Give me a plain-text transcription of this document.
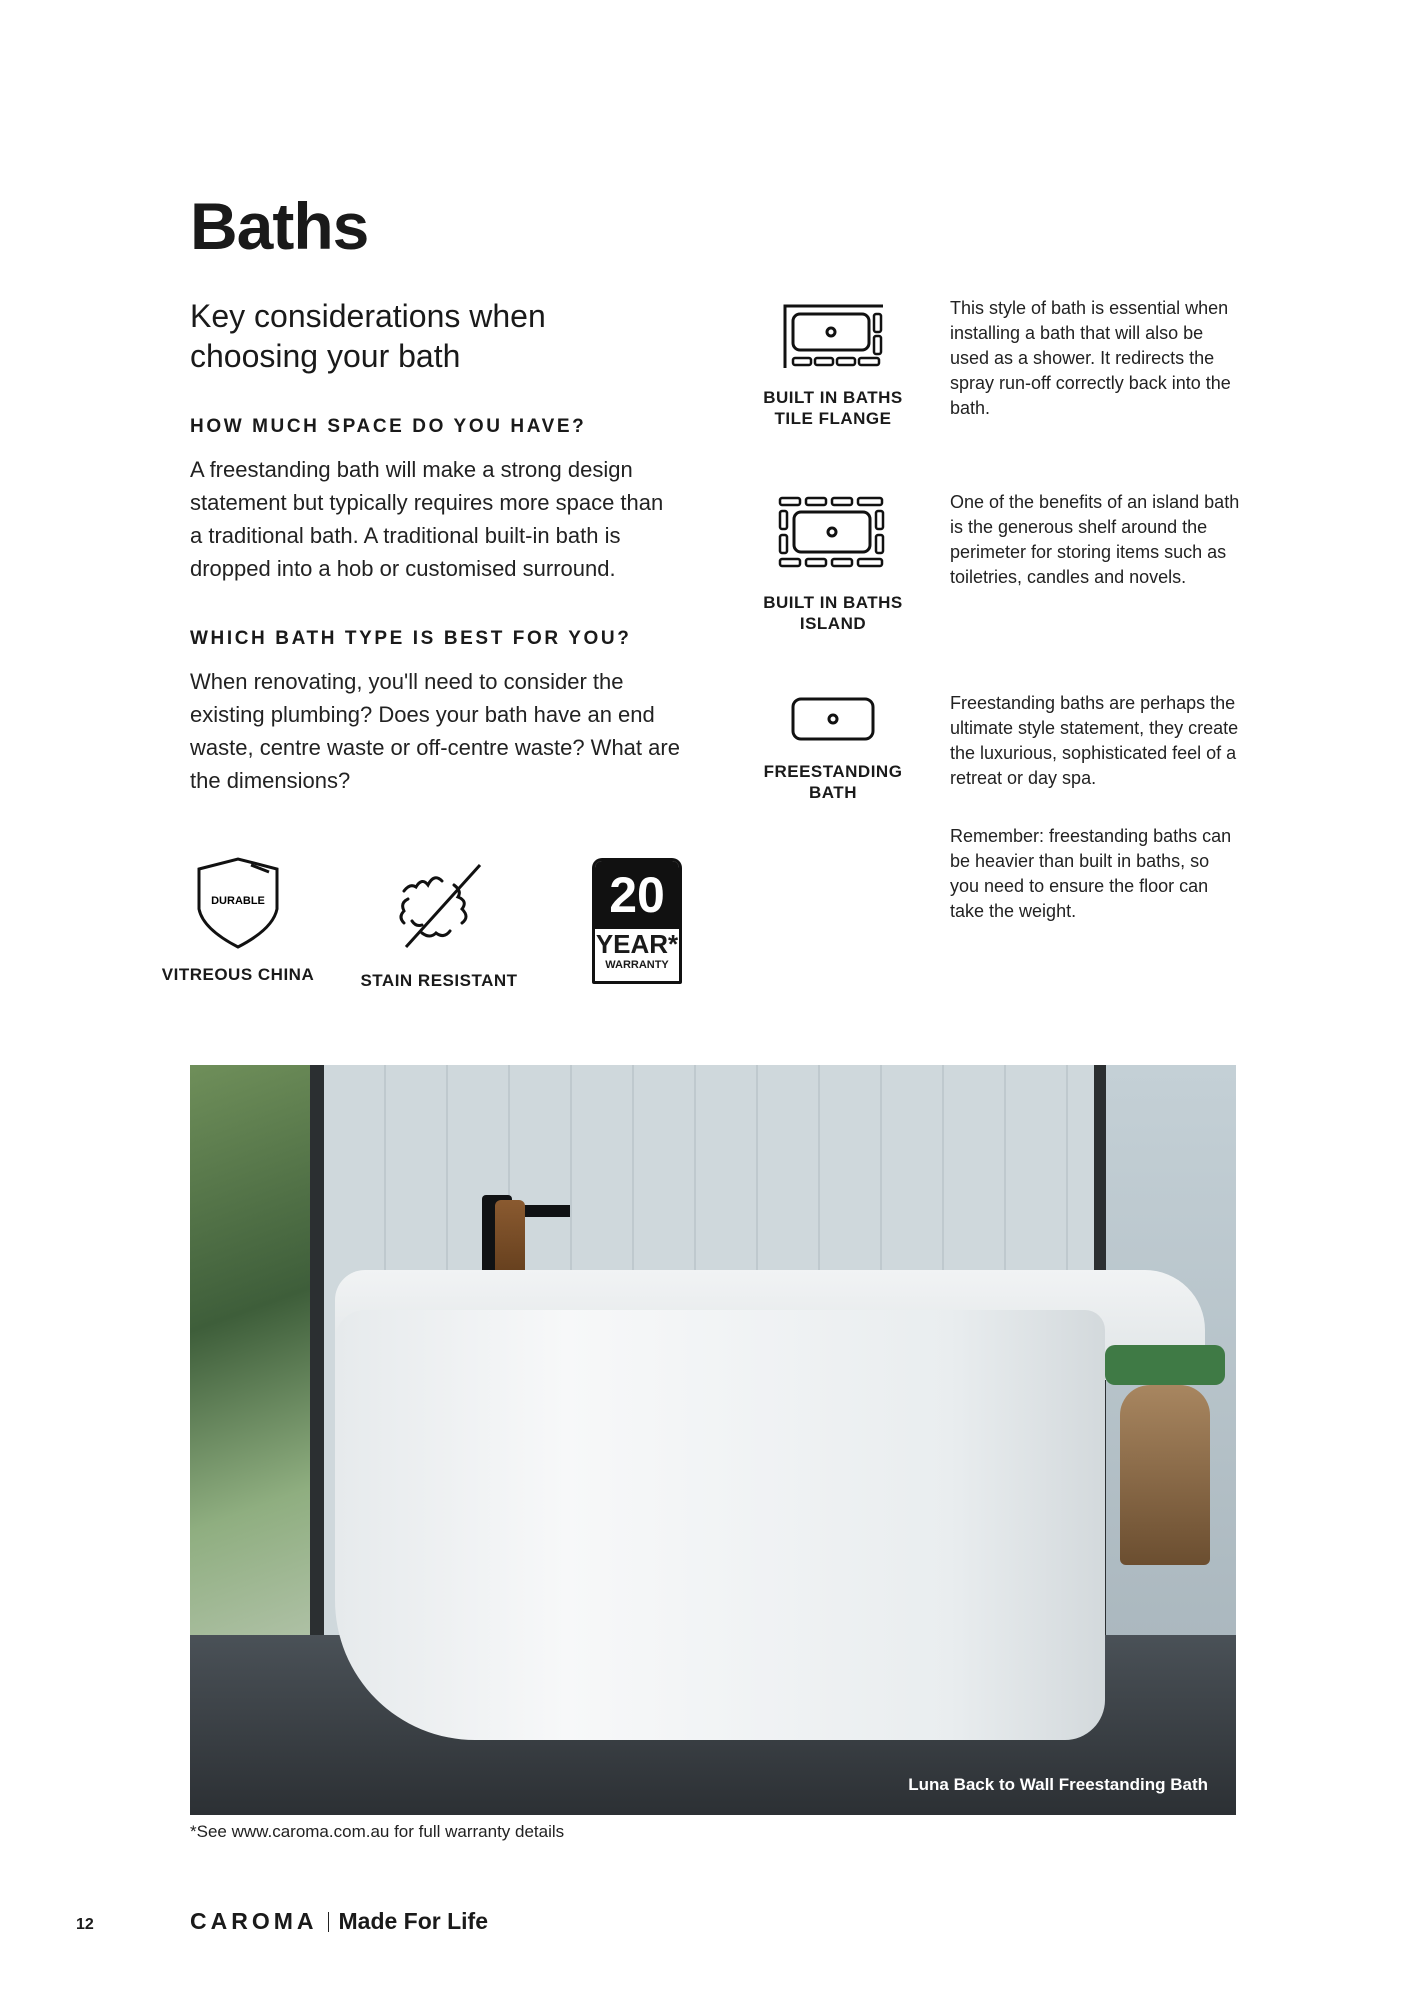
Baths
Key considerations when choosing your bath
HOW MUCH SPACE DO YOU HAVE?
A freestanding bath will make a strong design statement but typically requires more space than a traditional bath. A traditional built-in bath is dropped into a hob or customised surround.
WHICH BATH TYPE IS BEST FOR YOU?
When renovating, you'll need to consider the existing plumbing? Does your bath have an end waste, centre waste or off-centre waste? What are the dimensions?
DURABLE
VITREOUS CHINA	STAIN RESISTANT
20
YEAR*
WARRANTY
BUILT IN BATHS TILE FLANGE
This style of bath is essential when installing a bath that will also be used as a shower. It redirects the spray run-off correctly back into the bath.
BUILT IN BATHS ISLAND
One of the benefits of an island bath is the generous shelf around the perimeter for storing items such as toiletries, candles and novels.
FREESTANDING BATH
Freestanding baths are perhaps the ultimate style statement, they create the luxurious, sophisticated feel of a retreat or day spa.
Remember: freestanding baths can be heavier than built in baths, so you need to ensure the floor can take the weight.
Luna Back to Wall Freestanding Bath
*See www.caroma.com.au for full warranty details
12	CAROMA Made For Life
